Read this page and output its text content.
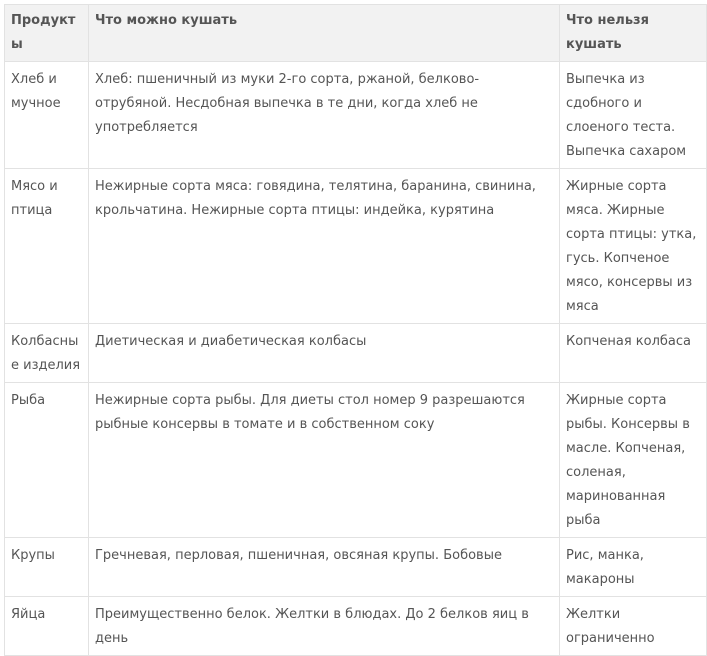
Продукты	Что можно кушать	Что нельзя кушать
Хлеб и мучное	Хлеб: пшеничный из муки 2-го сорта, ржаной, белково-отрубяной. Несдобная выпечка в те дни, когда хлеб не употребляется	Выпечка из сдобного и слоеного теста. Выпечка сахаром
Мясо и птица	Нежирные сорта мяса: говядина, телятина, баранина, свинина, крольчатина. Нежирные сорта птицы: индейка, курятина	Жирные сорта мяса. Жирные сорта птицы: утка, гусь. Копченое мясо, консервы из мяса
Колбасные изделия	Диетическая и диабетическая колбасы	Копченая колбаса
Рыба	Нежирные сорта рыбы. Для диеты стол номер 9 разрешаются рыбные консервы в томате и в собственном соку	Жирные сорта рыбы. Консервы в масле. Копченая, соленая, маринованная рыба
Крупы	Гречневая, перловая, пшеничная, овсяная крупы. Бобовые	Рис, манка, макароны
Яйца	Преимущественно белок. Желтки в блюдах. До 2 белков яиц в день	Желтки ограниченно
